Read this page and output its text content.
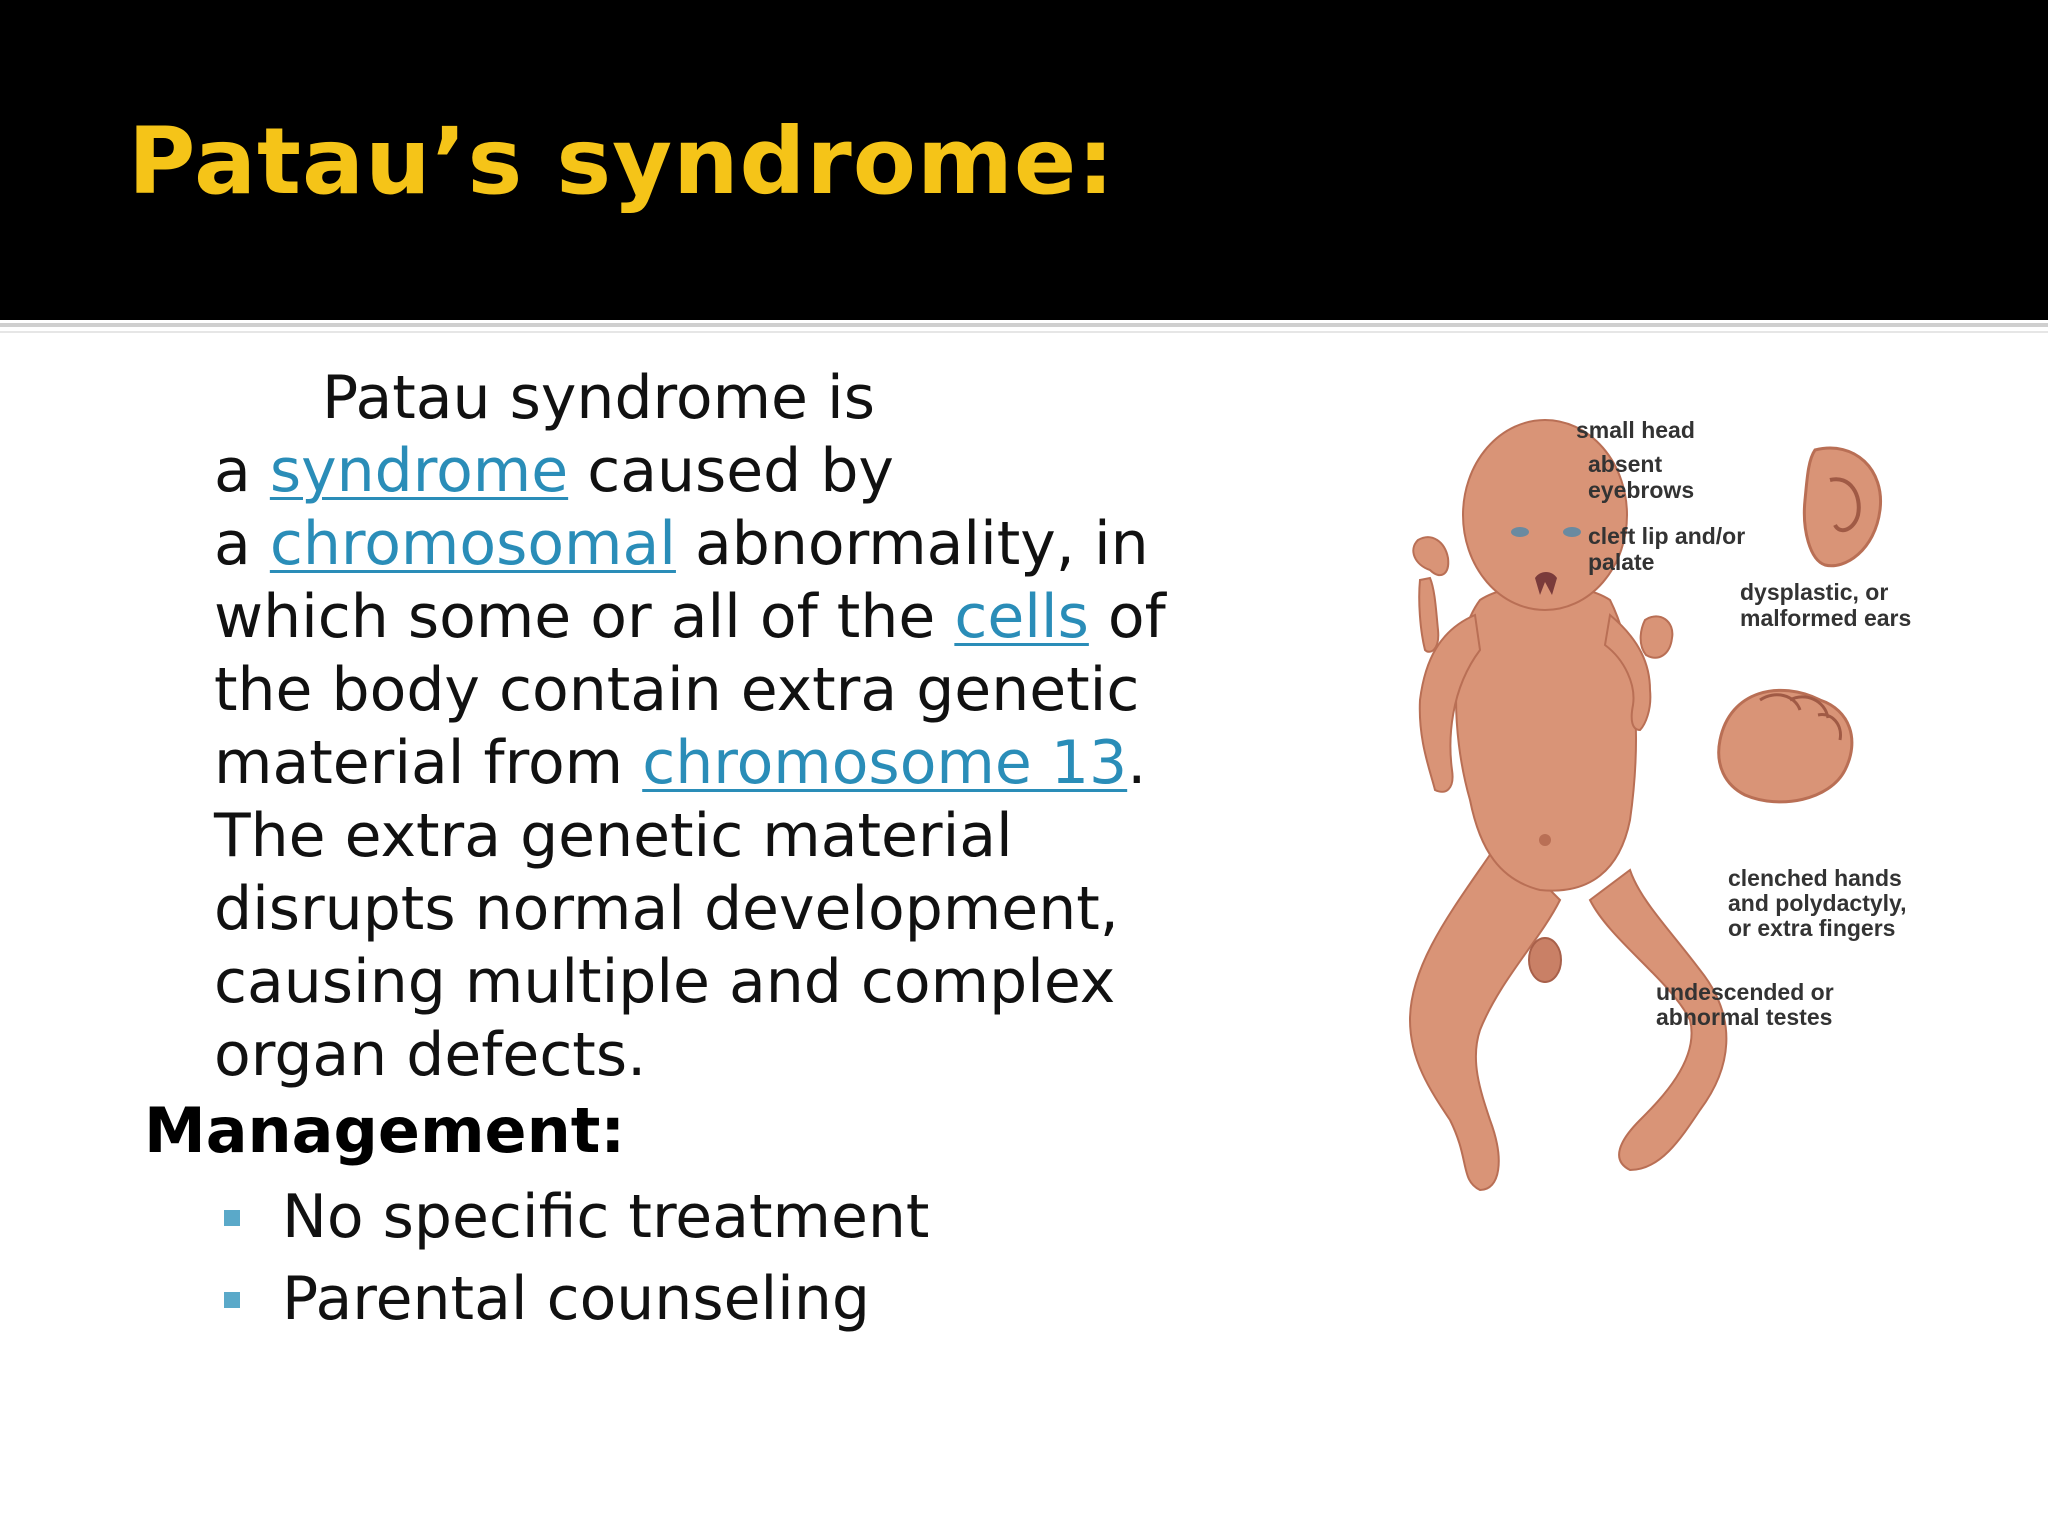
Patau’s syndrome:
Patau syndrome is
a syndrome caused by
a chromosomal abnormality, in
which some or all of the cells of
the body contain extra genetic
material from chromosome 13.
The extra genetic material
disrupts normal development,
causing multiple and complex
organ defects.
Management:
No specific treatment
Parental counseling
small head
absent
eyebrows
cleft lip and/or
palate
dysplastic, or
malformed ears
clenched hands
and polydactyly,
or extra fingers
undescended or
abnormal testes
